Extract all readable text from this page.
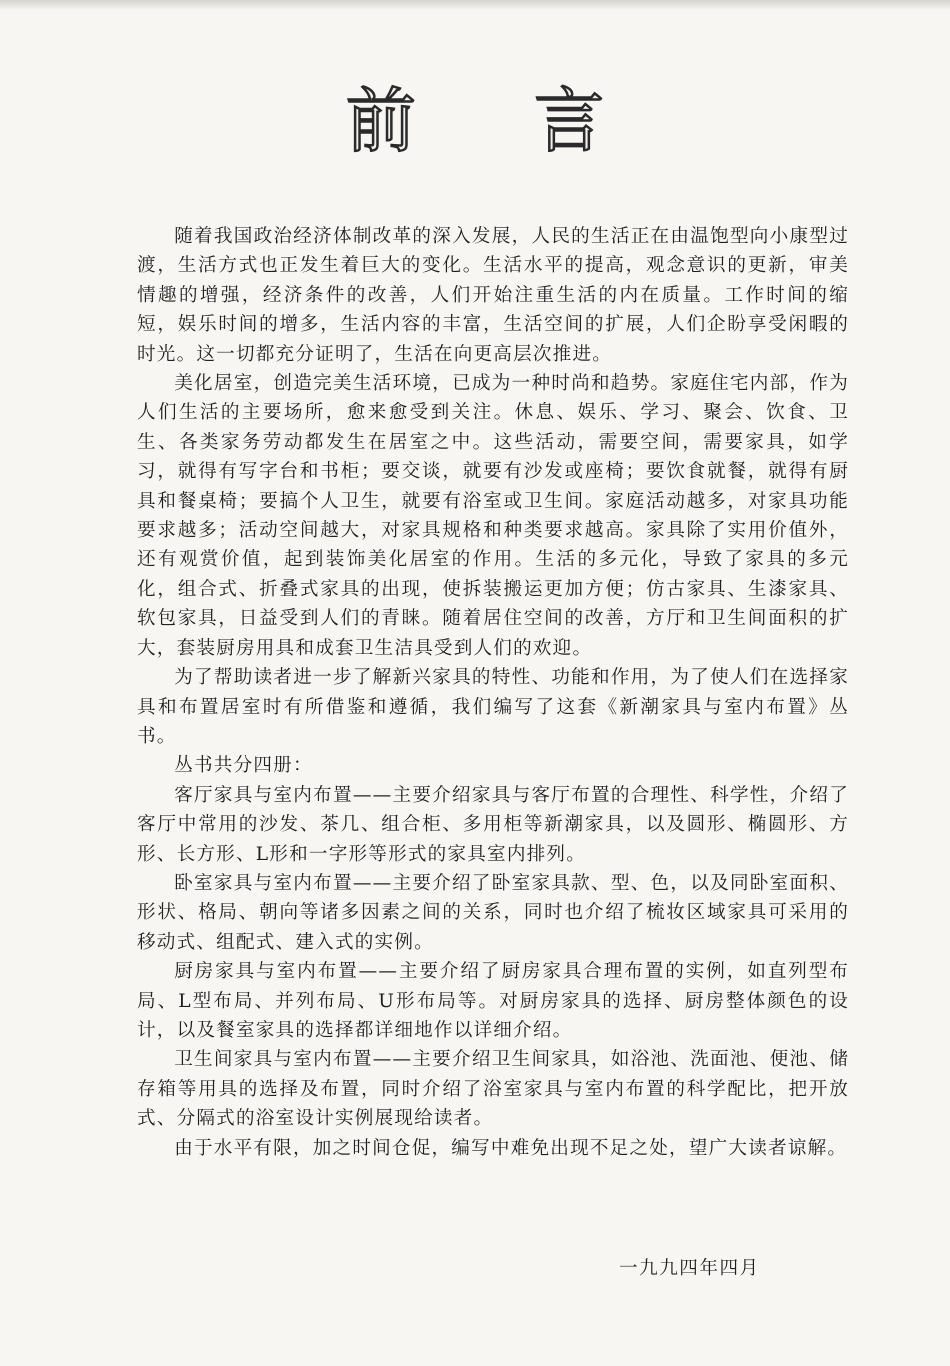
前 言

随着我国政治经济体制改革的深入发展，人民的生活正在由温饱型向小康型过渡，生活方式也正发生着巨大的变化。生活水平的提高，观念意识的更新，审美情趣的增强，经济条件的改善，人们开始注重生活的内在质量。工作时间的缩短，娱乐时间的增多，生活内容的丰富，生活空间的扩展，人们企盼享受闲暇的时光。这一切都充分证明了，生活在向更高层次推进。

美化居室，创造完美生活环境，已成为一种时尚和趋势。家庭住宅内部，作为人们生活的主要场所，愈来愈受到关注。休息、娱乐、学习、聚会、饮食、卫生、各类家务劳动都发生在居室之中。这些活动，需要空间，需要家具，如学习，就得有写字台和书柜；要交谈，就要有沙发或座椅；要饮食就餐，就得有厨具和餐桌椅；要搞个人卫生，就要有浴室或卫生间。家庭活动越多，对家具功能要求越多；活动空间越大，对家具规格和种类要求越高。家具除了实用价值外，还有观赏价值，起到装饰美化居室的作用。生活的多元化，导致了家具的多元化，组合式、折叠式家具的出现，使拆装搬运更加方便；仿古家具、生漆家具、软包家具，日益受到人们的青睐。随着居住空间的改善，方厅和卫生间面积的扩大，套装厨房用具和成套卫生洁具受到人们的欢迎。

为了帮助读者进一步了解新兴家具的特性、功能和作用，为了使人们在选择家具和布置居室时有所借鉴和遵循，我们编写了这套《新潮家具与室内布置》丛书。

丛书共分四册：

客厅家具与室内布置——主要介绍家具与客厅布置的合理性、科学性，介绍了客厅中常用的沙发、茶几、组合柜、多用柜等新潮家具，以及圆形、椭圆形、方形、长方形、L形和一字形等形式的家具室内排列。

卧室家具与室内布置——主要介绍了卧室家具款、型、色，以及同卧室面积、形状、格局、朝向等诸多因素之间的关系，同时也介绍了梳妆区域家具可采用的移动式、组配式、建入式的实例。

厨房家具与室内布置——主要介绍了厨房家具合理布置的实例，如直列型布局、L型布局、并列布局、U形布局等。对厨房家具的选择、厨房整体颜色的设计，以及餐室家具的选择都详细地作以详细介绍。

卫生间家具与室内布置——主要介绍卫生间家具，如浴池、洗面池、便池、储存箱等用具的选择及布置，同时介绍了浴室家具与室内布置的科学配比，把开放式、分隔式的浴室设计实例展现给读者。

由于水平有限，加之时间仓促，编写中难免出现不足之处，望广大读者谅解。

一九九四年四月
